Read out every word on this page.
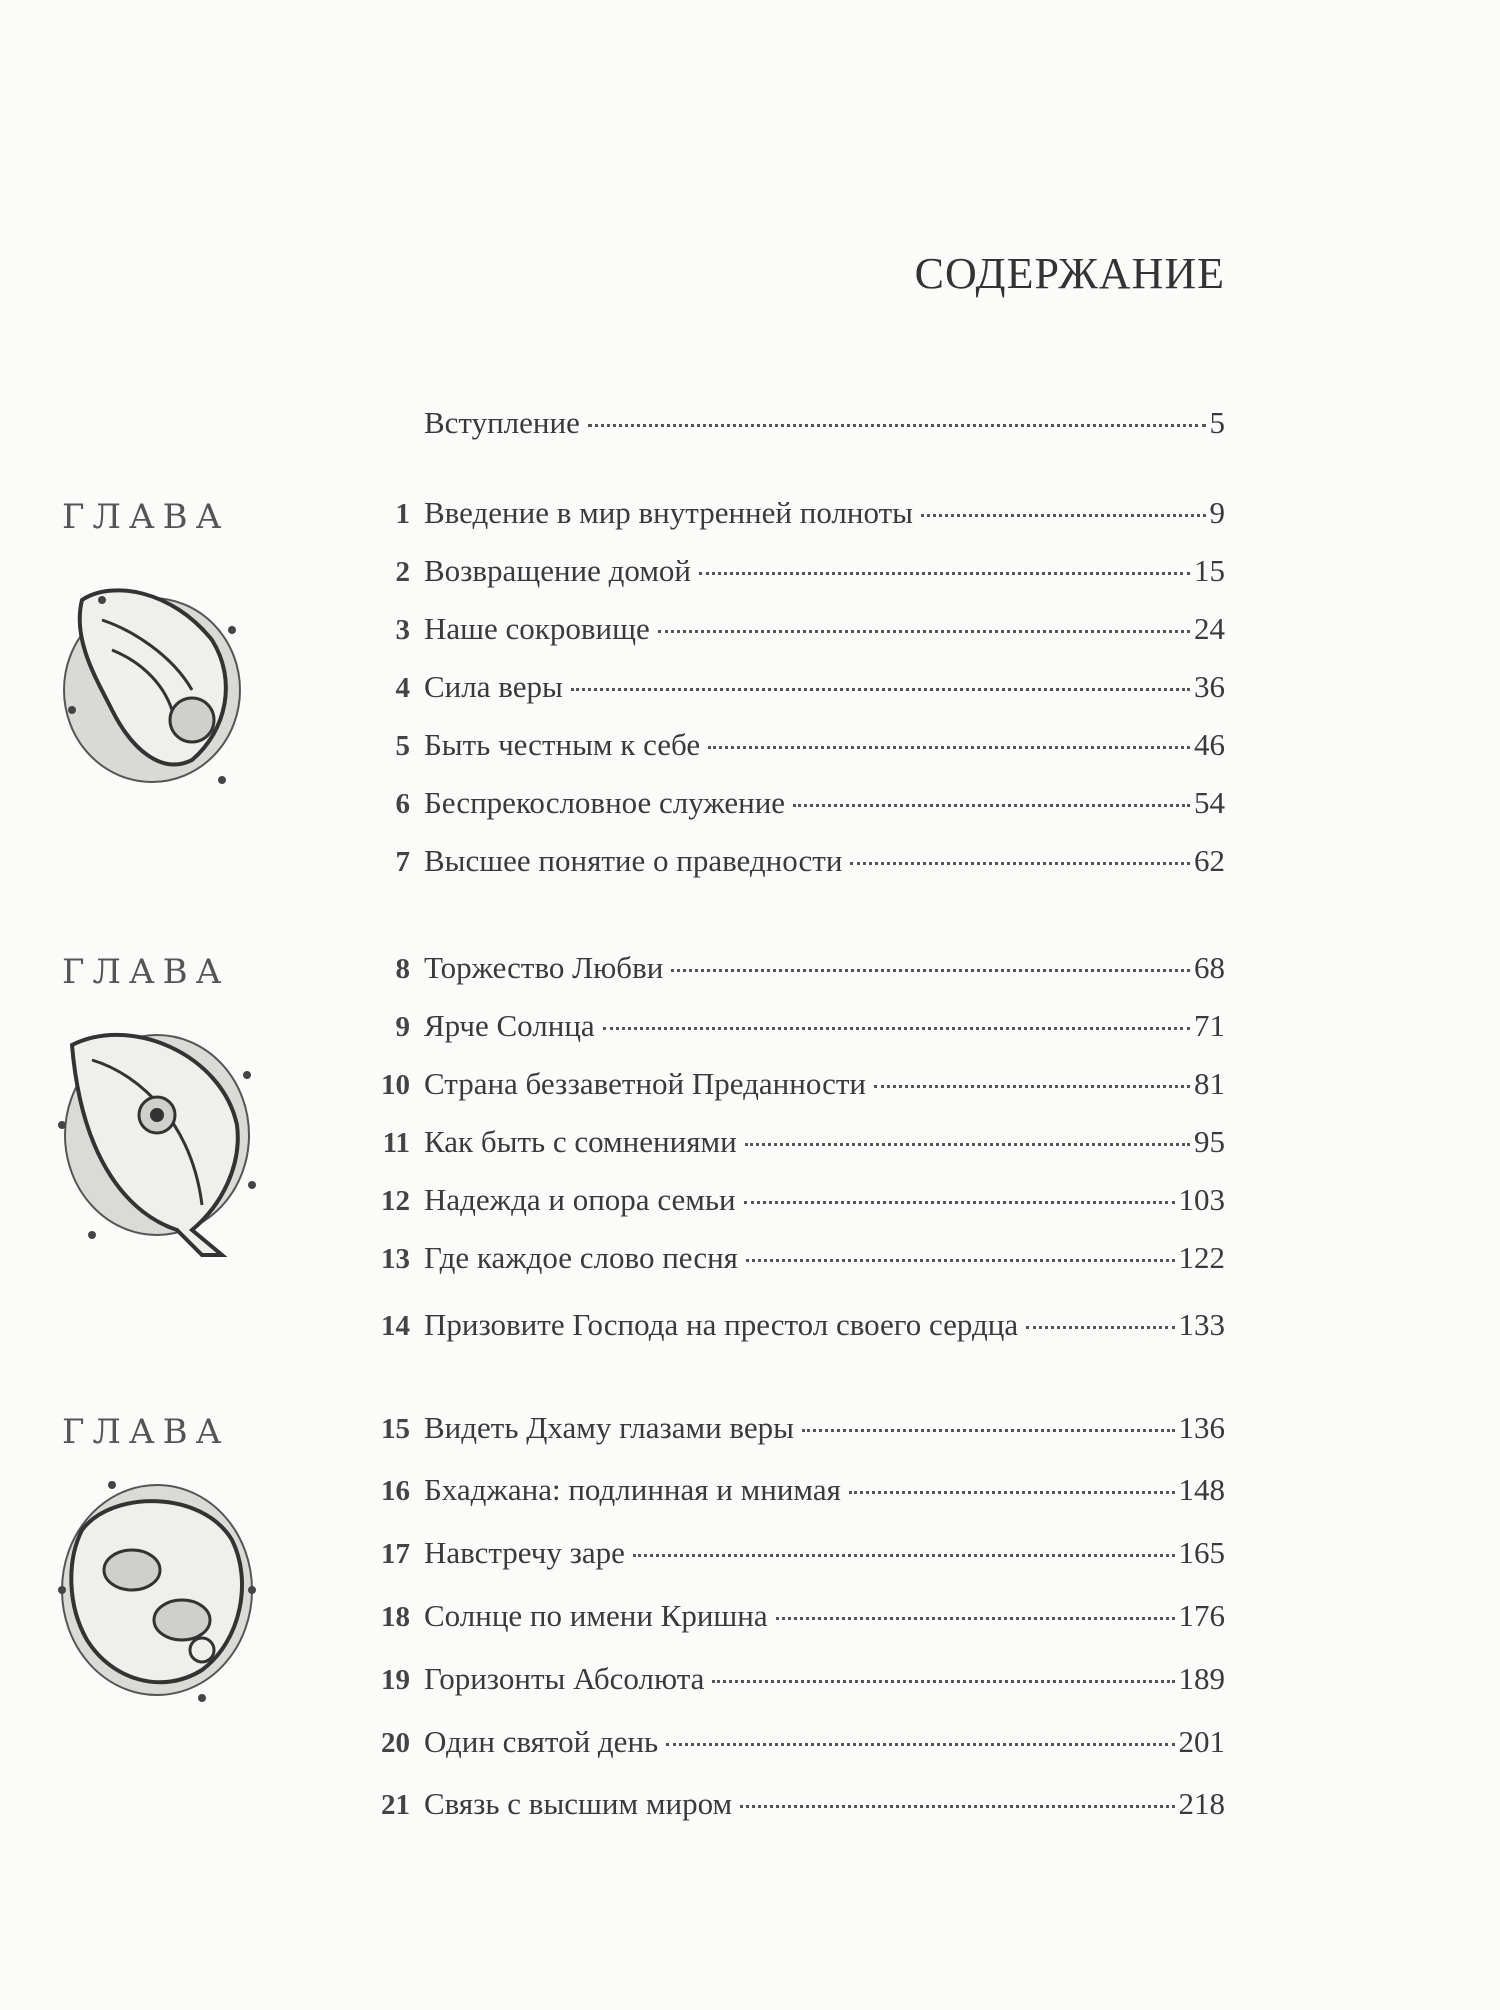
СОДЕРЖАНИЕ
Вступление	5
ГЛАВА	1 Введение в мир внутренней полноты	9
2 Возвращение домой	15
3 Наше сокровище	24
4 Сила веры	36
5 Быть честным к себе	46
6 Беспрекословное служение	54
7 Высшее понятие о праведности	62
ГЛАВА	8 Торжество Любви	68
9 Ярче Солнца	71
10 Страна беззаветной Преданности	81
11 Как быть с сомнениями	95
12 Надежда и опора семьи	103
13 Где каждое слово песня	122
14 Призовите Господа на престол своего сердца	133
ГЛАВА	15 Видеть Дхаму глазами веры	136
16 Бхаджана: подлинная и мнимая	148
17 Навстречу заре	165
18 Солнце по имени Кришна	176
19 Горизонты Абсолюта	189
20 Один святой день	201
21 Связь с высшим миром	218
